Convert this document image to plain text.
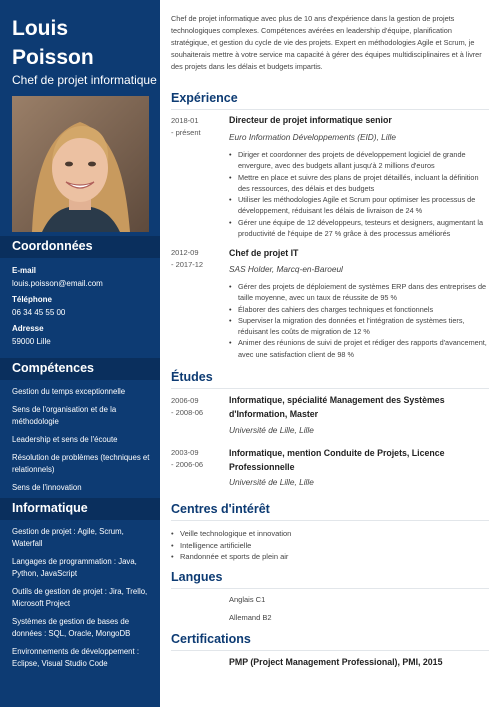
Louis
Poisson
Chef de projet informatique
Coordonnées
E-mail
louis.poisson@email.com
Téléphone
06 34 45 55 00
Adresse
59000 Lille
Compétences
Gestion du temps exceptionnelle
Sens de l'organisation et de la méthodologie
Leadership et sens de l'écoute
Résolution de problèmes (techniques et relationnels)
Sens de l'innovation
Informatique
Gestion de projet : Agile, Scrum, Waterfall
Langages de programmation : Java, Python, JavaScript
Outils de gestion de projet : Jira, Trello, Microsoft Project
Systèmes de gestion de bases de données : SQL, Oracle, MongoDB
Environnements de développement : Eclipse, Visual Studio Code

Chef de projet informatique avec plus de 10 ans d'expérience dans la gestion de projets technologiques complexes. Compétences avérées en leadership d'équipe, planification stratégique, et gestion du cycle de vie des projets. Expert en méthodologies Agile et Scrum, je souhaiterais mettre à votre service ma capacité à gérer des équipes multidisciplinaires et à livrer des projets dans les délais et budgets impartis.

Expérience
2018-01
- présent
Directeur de projet informatique senior
Euro Information Développements (EID), Lille
• Diriger et coordonner des projets de développement logiciel de grande envergure, avec des budgets allant jusqu'à 2 millions d'euros
• Mettre en place et suivre des plans de projet détaillés, incluant la définition des ressources, des délais et des budgets
• Utiliser les méthodologies Agile et Scrum pour optimiser les processus de développement, réduisant les délais de livraison de 24 %
• Gérer une équipe de 12 développeurs, testeurs et designers, augmentant la productivité de l'équipe de 27 % grâce à des processus améliorés
2012-09
- 2017-12
Chef de projet IT
SAS Holder, Marcq-en-Baroeul
• Gérer des projets de déploiement de systèmes ERP dans des entreprises de taille moyenne, avec un taux de réussite de 95 %
• Élaborer des cahiers des charges techniques et fonctionnels
• Superviser la migration des données et l'intégration de systèmes tiers, réduisant les coûts de migration de 12 %
• Animer des réunions de suivi de projet et rédiger des rapports d'avancement, avec une satisfaction client de 98 %
Études
2006-09
- 2008-06
Informatique, spécialité Management des Systèmes d'Information, Master
Université de Lille, Lille
2003-09
- 2006-06
Informatique, mention Conduite de Projets, Licence Professionnelle
Université de Lille, Lille
Centres d'intérêt
• Veille technologique et innovation
• Intelligence artificielle
• Randonnée et sports de plein air
Langues
Anglais C1
Allemand B2
Certifications
PMP (Project Management Professional), PMI, 2015
